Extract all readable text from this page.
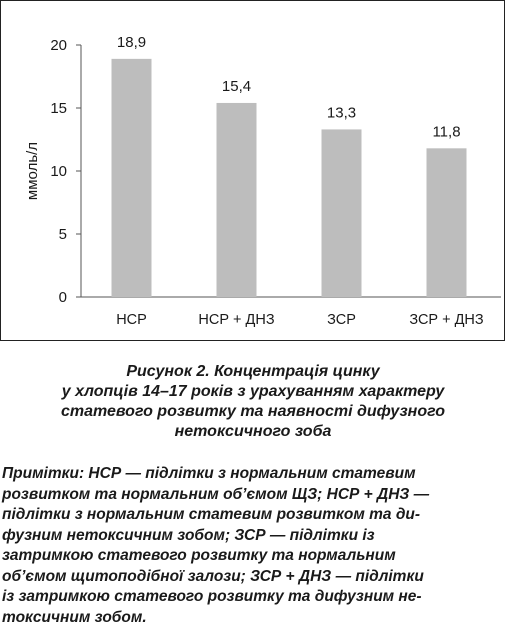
ммоль/л
0
5
10
15
20	18,9
НСР
15,4
НСР + ДНЗ
13,3
ЗСР
11,8
ЗСР + ДНЗ
Рисунок 2. Концентрація цинку
у хлопців 14–17 років з урахуванням характеру
статевого розвитку та наявності дифузного
нетоксичного зоба
Примітки: НСР — підлітки з нормальним статевим
розвитком та нормальним об’ємом ЩЗ; НСР + ДНЗ —
підлітки з нормальним статевим розвитком та ди-
фузним нетоксичним зобом; ЗСР — підлітки із
затримкою статевого розвитку та нормальним
об’ємом щитоподібної залози; ЗСР + ДНЗ — підлітки
із затримкою статевого розвитку та дифузним не-
токсичним зобом.
